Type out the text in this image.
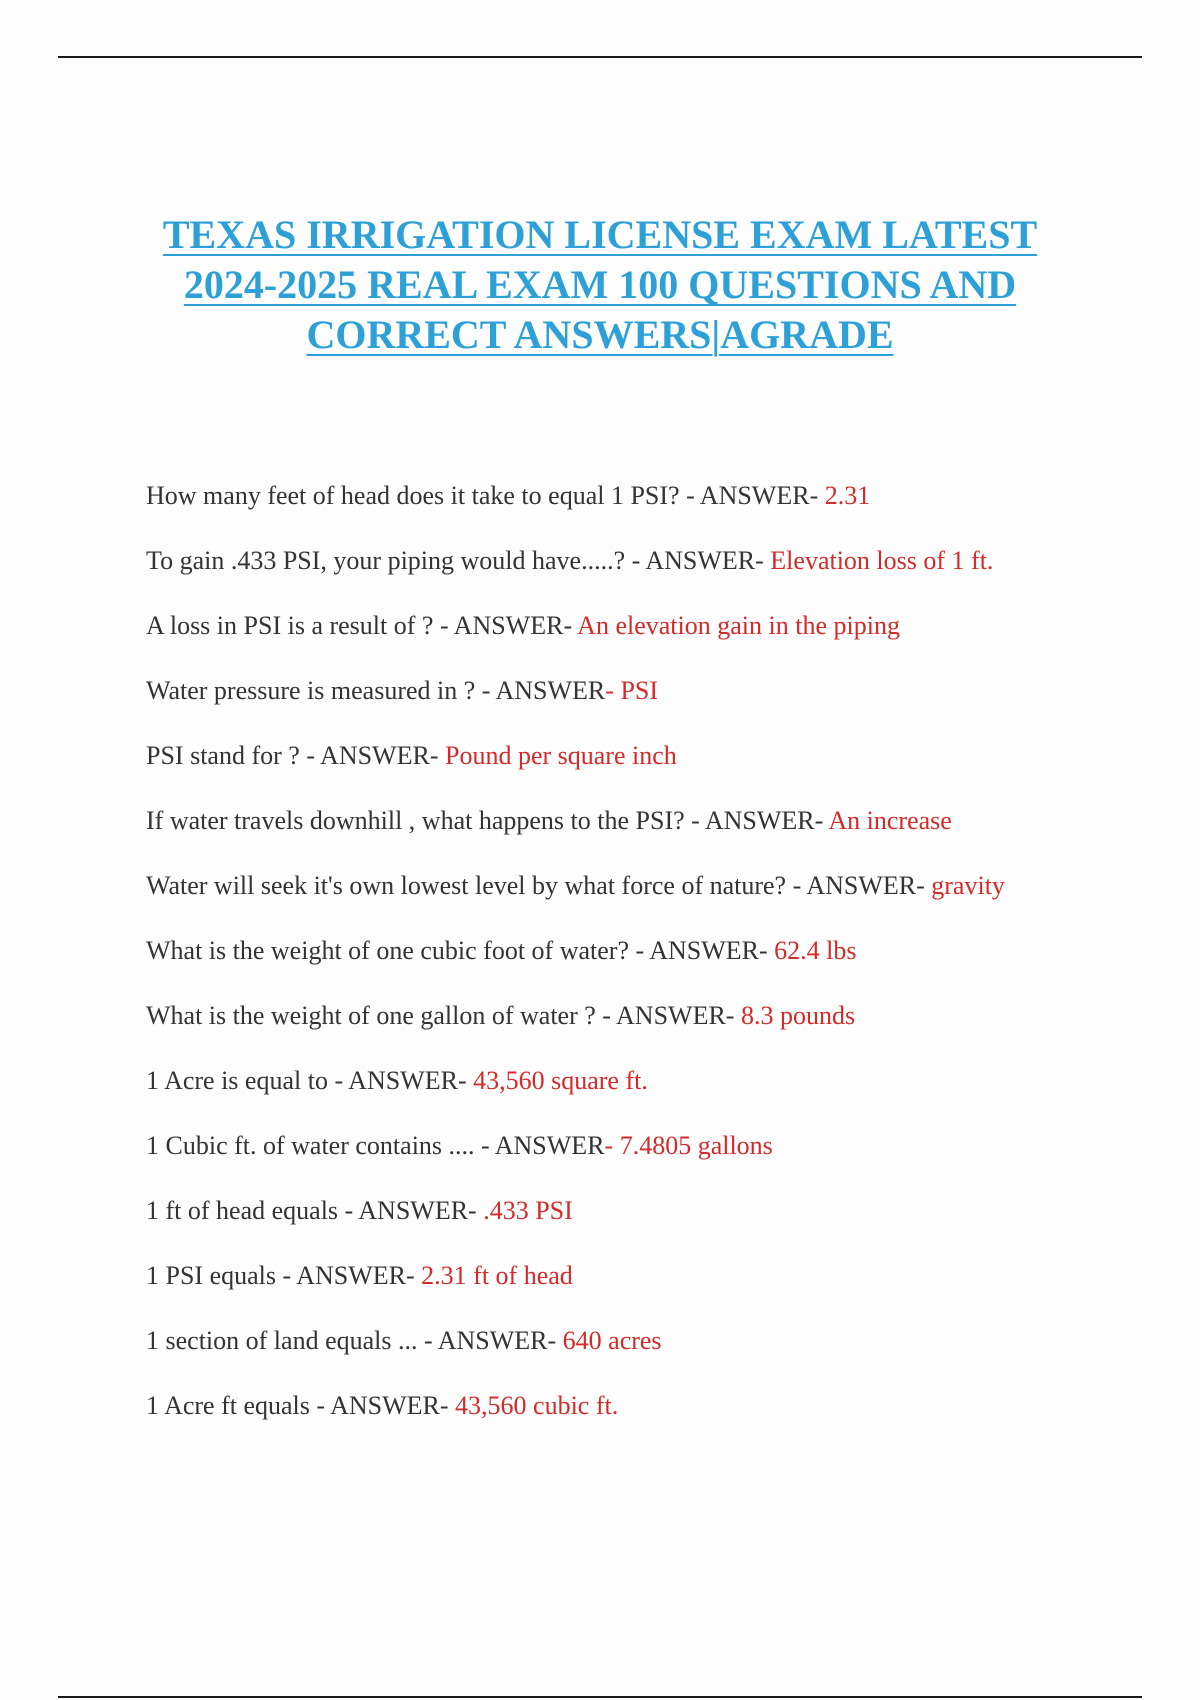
TEXAS IRRIGATION LICENSE EXAM LATEST
2024-2025 REAL EXAM 100 QUESTIONS AND
CORRECT ANSWERS|AGRADE
How many feet of head does it take to equal 1 PSI? - ANSWER- 2.31
To gain .433 PSI, your piping would have.....? - ANSWER- Elevation loss of 1 ft.
A loss in PSI is a result of ? - ANSWER- An elevation gain in the piping
Water pressure is measured in ? - ANSWER- PSI
PSI stand for ? - ANSWER- Pound per square inch
If water travels downhill , what happens to the PSI? - ANSWER- An increase
Water will seek it's own lowest level by what force of nature? - ANSWER- gravity
What is the weight of one cubic foot of water? - ANSWER- 62.4 lbs
What is the weight of one gallon of water ? - ANSWER- 8.3 pounds
1 Acre is equal to - ANSWER- 43,560 square ft.
1 Cubic ft. of water contains .... - ANSWER- 7.4805 gallons
1 ft of head equals - ANSWER- .433 PSI
1 PSI equals - ANSWER- 2.31 ft of head
1 section of land equals ... - ANSWER- 640 acres
1 Acre ft equals - ANSWER- 43,560 cubic ft.
